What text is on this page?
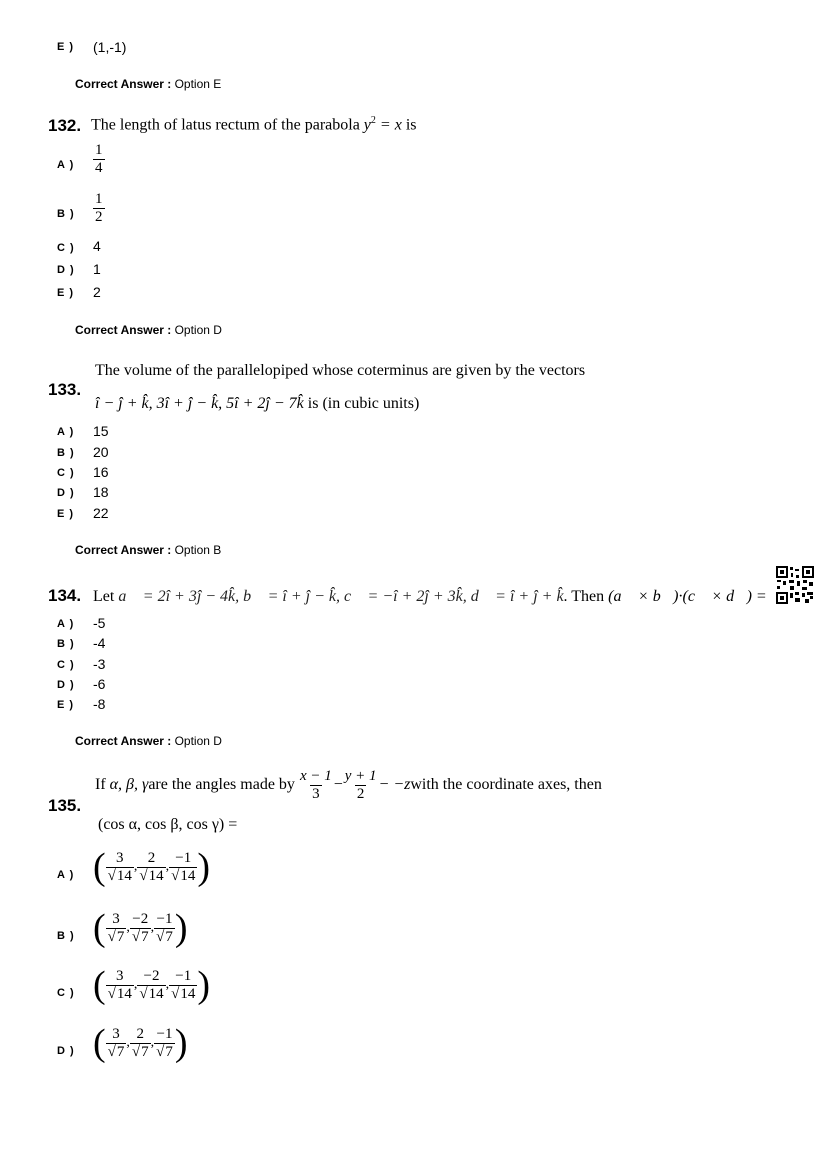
E ) (1,-1)
Correct Answer : Option E
132. The length of latus rectum of the parabola $y^2 = x$ is
A ) $\frac{1}{4}$
B ) $\frac{1}{2}$
C ) 4
D ) 1
E ) 2
Correct Answer : Option D
The volume of the parallelopiped whose coterminus are given by the vectors
133.
î − ĵ + k̂, 3î + ĵ − k̂, 5î + 2ĵ − 7k̂ is (in cubic units)
A ) 15
B ) 20
C ) 16
D ) 18
E ) 22
Correct Answer : Option B
134. Let a⃗ = 2î + 3ĵ − 4k̂, b⃗ = î + ĵ − k̂, c⃗ = −î + 2ĵ + 3k̂, d⃗ = î + ĵ + k̂. Then (a⃗ × b⃗)·(c⃗ × d⃗) =
A ) -5
B ) -4
C ) -3
D ) -6
E ) -8
Correct Answer : Option D
If
α, β, γ are the angles made by $\frac{x - 1}{3} - \frac{y + 1}{2} - -z$ with the coordinate axes, then
135.
(cos α, cos β, cos γ) =
A ) ( $\frac{3}{√14}$ , $\frac{2}{√14}$ , $\frac{-1}{√14}$ )
B ) ( $\frac{3}{√7}$ , $\frac{-2}{√7}$ , $\frac{-1}{√7}$ )
C ) ( $\frac{3}{√14}$ , $\frac{-2}{√14}$ , $\frac{-1}{√14}$ )
D ) ( $\frac{3}{√7}$ , $\frac{2}{√7}$ , $\frac{-1}{√7}$ )
